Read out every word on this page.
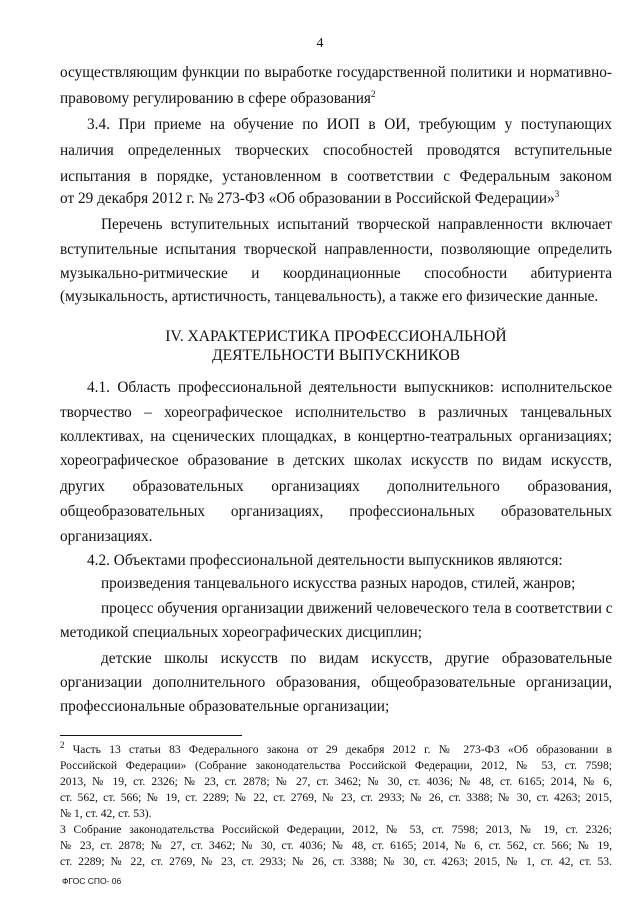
4
осуществляющим функции по выработке государственной политики и нормативно-
правовому регулированию в сфере образования$^2$
3.4. При приеме на обучение по ИОП в ОИ, требующим у поступающих
наличия определенных творческих способностей проводятся вступительные
испытания в порядке, установленном в соответствии с Федеральным законом
от 29 декабря 2012 г. № 273-ФЗ «Об образовании в Российской Федерации»$^3$
Перечень вступительных испытаний творческой направленности включает
вступительные испытания творческой направленности, позволяющие определить
музыкально-ритмические и координационные способности абитуриента
(музыкальность, артистичность, танцевальность), а также его физические данные.
IV. ХАРАКТЕРИСТИКА ПРОФЕССИОНАЛЬНОЙ
ДЕЯТЕЛЬНОСТИ ВЫПУСКНИКОВ
4.1. Область профессиональной деятельности выпускников: исполнительское
творчество – хореографическое исполнительство в различных танцевальных
коллективах, на сценических площадках, в концертно-театральных организациях;
хореографическое образование в детских школах искусств по видам искусств,
других образовательных организациях дополнительного образования,
общеобразовательных организациях, профессиональных образовательных
организациях.
4.2. Объектами профессиональной деятельности выпускников являются:
произведения танцевального искусства разных народов, стилей, жанров;
процесс обучения организации движений человеческого тела в соответствии с
методикой специальных хореографических дисциплин;
детские школы искусств по видам искусств, другие образовательные
организации дополнительного образования, общеобразовательные организации,
профессиональные образовательные организации;
$^2$ Часть 13 статьи 83 Федерального закона от 29 декабря 2012 г. № 273-ФЗ «Об образовании в
Российской Федерации» (Собрание законодательства Российской Федерации, 2012, № 53, ст. 7598;
2013, № 19, ст. 2326; № 23, ст. 2878; № 27, ст. 3462; № 30, ст. 4036; № 48, ст. 6165; 2014, № 6,
ст. 562, ст. 566; № 19, ст. 2289; № 22, ст. 2769, № 23, ст. 2933; № 26, ст. 3388; № 30, ст. 4263; 2015,
№ 1, ст. 42, ст. 53).
3 Собрание законодательства Российской Федерации, 2012, № 53, ст. 7598; 2013, № 19, ст. 2326;
№ 23, ст. 2878; № 27, ст. 3462; № 30, ст. 4036; № 48, ст. 6165; 2014, № 6, ст. 562, ст. 566; № 19,
ст. 2289; № 22, ст. 2769, № 23, ст. 2933; № 26, ст. 3388; № 30, ст. 4263; 2015, № 1, ст. 42, ст. 53.
ФГОС СПО- 06
